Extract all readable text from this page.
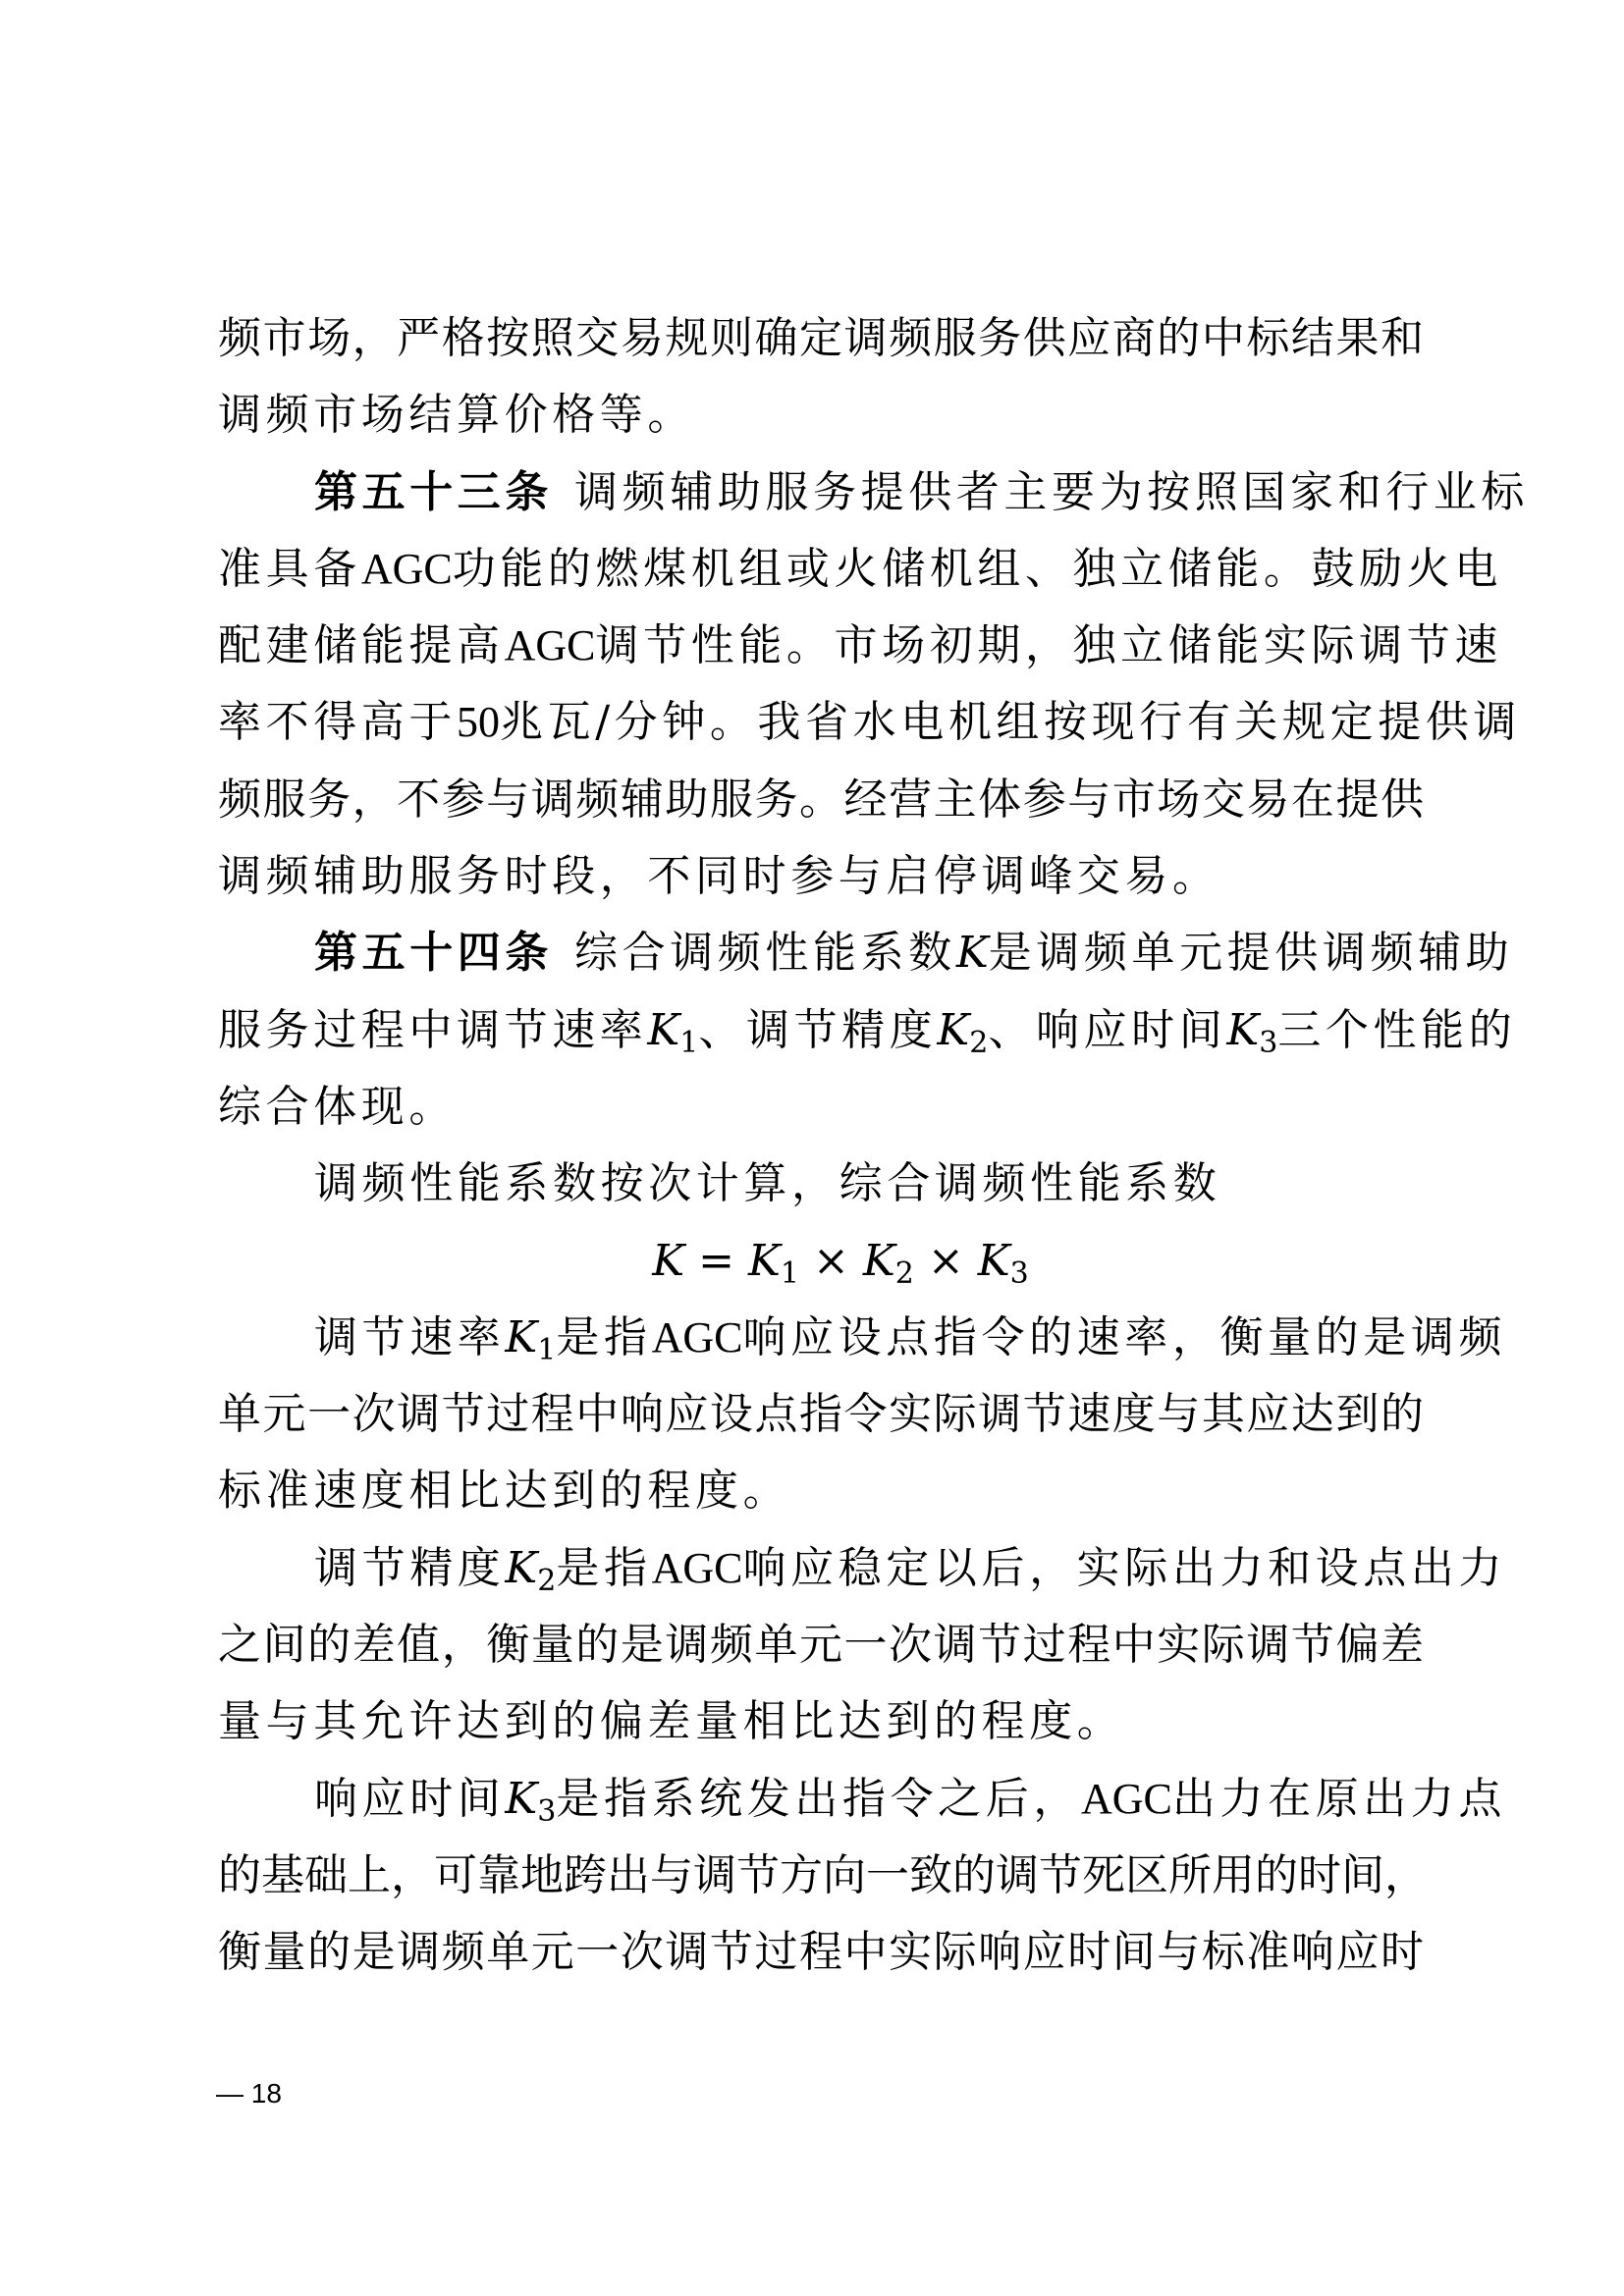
频市场，严格按照交易规则确定调频服务供应商的中标结果和
调频市场结算价格等。
第五十三条 调频辅助服务提供者主要为按照国家和行业标
准具备AGC功能的燃煤机组或火储机组、独立储能。鼓励火电
配建储能提高AGC调节性能。市场初期，独立储能实际调节速
率不得高于50兆瓦/分钟。我省水电机组按现行有关规定提供调
频服务，不参与调频辅助服务。经营主体参与市场交易在提供
调频辅助服务时段，不同时参与启停调峰交易。
第五十四条 综合调频性能系数K是调频单元提供调频辅助
服务过程中调节速率$K_1$、调节精度$K_2$、响应时间$K_3$三个性能的
综合体现。
调频性能系数按次计算，综合调频性能系数
$K = K_1 \times K_2 \times K_3$
调节速率$K_1$是指AGC响应设点指令的速率，衡量的是调频
单元一次调节过程中响应设点指令实际调节速度与其应达到的
标准速度相比达到的程度。
调节精度$K_2$是指AGC响应稳定以后，实际出力和设点出力
之间的差值，衡量的是调频单元一次调节过程中实际调节偏差
量与其允许达到的偏差量相比达到的程度。
响应时间$K_3$是指系统发出指令之后，AGC出力在原出力点
的基础上，可靠地跨出与调节方向一致的调节死区所用的时间，
衡量的是调频单元一次调节过程中实际响应时间与标准响应时
— 18
